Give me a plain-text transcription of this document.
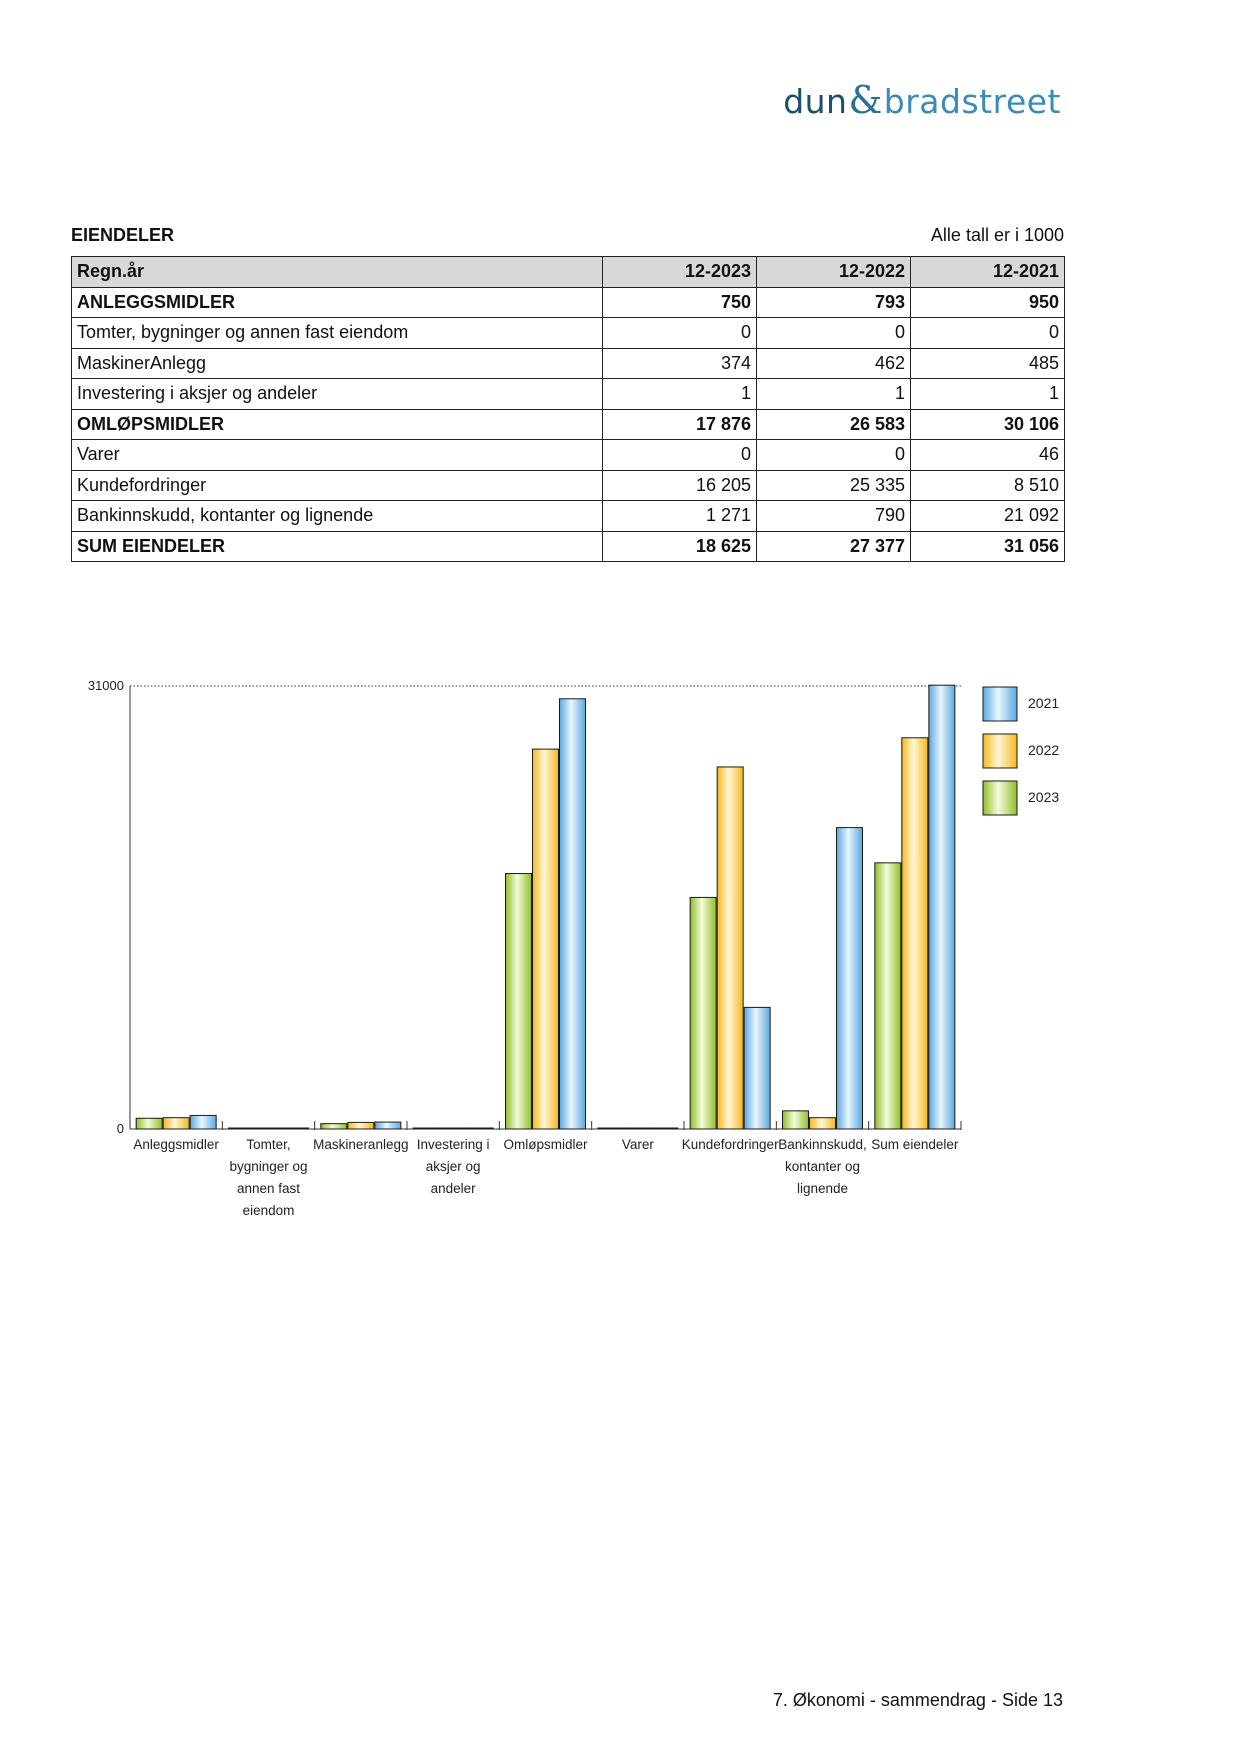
dun & bradstreet
EIENDELER	Alle tall er i 1000
Regn.år	12-2023	12-2022	12-2021
ANLEGGSMIDLER	750	793	950
Tomter, bygninger og annen fast eiendom	0	0	0
MaskinerAnlegg	374	462	485
Investering i aksjer og andeler	1	1	1
OMLØPSMIDLER	17 876	26 583	30 106
Varer	0	0	46
Kundefordringer	16 205	25 335	8 510
Bankinnskudd, kontanter og lignende	1 271	790	21 092
SUM EIENDELER	18 625	27 377	31 056
0
31000
Anleggsmidler Tomter,
bygninger og
annen fast
eiendom
Maskineranlegg Investering i
aksjer og
andeler
Omløpsmidler	Varer Kundefordringer Bankinnskudd,
kontanter og
lignende
Sum eiendeler
2021
2022
2023
7. Økonomi - sammendrag - Side 13
